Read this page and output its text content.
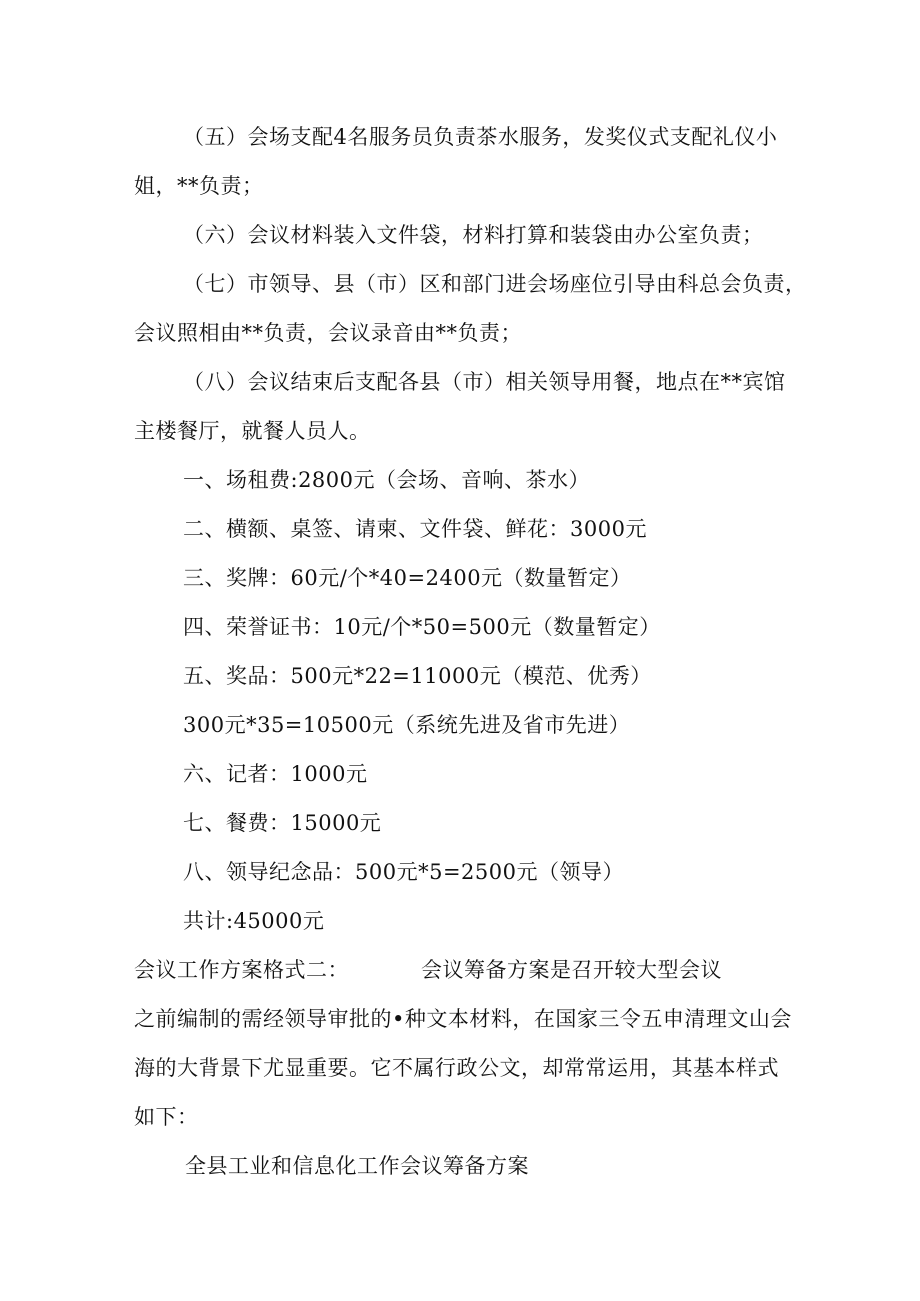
（五）会场支配4名服务员负责茶水服务，发奖仪式支配礼仪小
姐，**负责；
（六）会议材料装入文件袋，材料打算和装袋由办公室负责；
（七）市领导、县（市）区和部门进会场座位引导由科总会负责，
会议照相由**负责，会议录音由**负责；
（八）会议结束后支配各县（市）相关领导用餐，地点在**宾馆
主楼餐厅，就餐人员人。
一、场租费:2800元（会场、音响、茶水）
二、横额、桌签、请柬、文件袋、鲜花：3000元
三、奖牌：60元/个*40=2400元（数量暂定）
四、荣誉证书：10元/个*50=500元（数量暂定）
五、奖品：500元*22=11000元（模范、优秀）
300元*35=10500元（系统先进及省市先进）
六、记者：1000元
七、餐费：15000元
八、领导纪念品：500元*5=2500元（领导）
共计:45000元
会议工作方案格式二：	会议筹备方案是召开较大型会议
之前编制的需经领导审批的•种文本材料，在国家三令五申清理文山会
海的大背景下尤显重要。它不属行政公文，却常常运用，其基本样式
如下：
全县工业和信息化工作会议筹备方案
